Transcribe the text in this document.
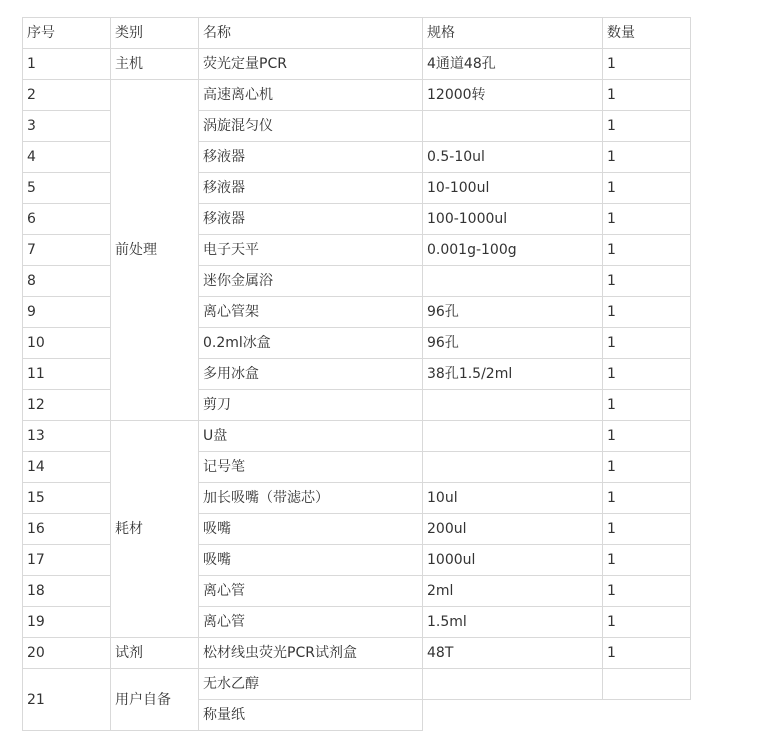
序号	类别	名称	规格	数量
1	主机	荧光定量PCR	4通道48孔	1
2	前处理	高速离心机	12000转	1
3		涡旋混匀仪		1
4		移液器	0.5-10ul	1
5		移液器	10-100ul	1
6		移液器	100-1000ul	1
7		电子天平	0.001g-100g	1
8		迷你金属浴		1
9		离心管架	96孔	1
10		0.2ml冰盒	96孔	1
11		多用冰盒	38孔1.5/2ml	1
12		剪刀		1
13	耗材	U盘		1
14		记号笔		1
15		加长吸嘴（带滤芯）	10ul	1
16		吸嘴	200ul	1
17		吸嘴	1000ul	1
18		离心管	2ml	1
19		离心管	1.5ml	1
20	试剂	松材线虫荧光PCR试剂盒	48T	1
21	用户自备	无水乙醇		
		称量纸		
